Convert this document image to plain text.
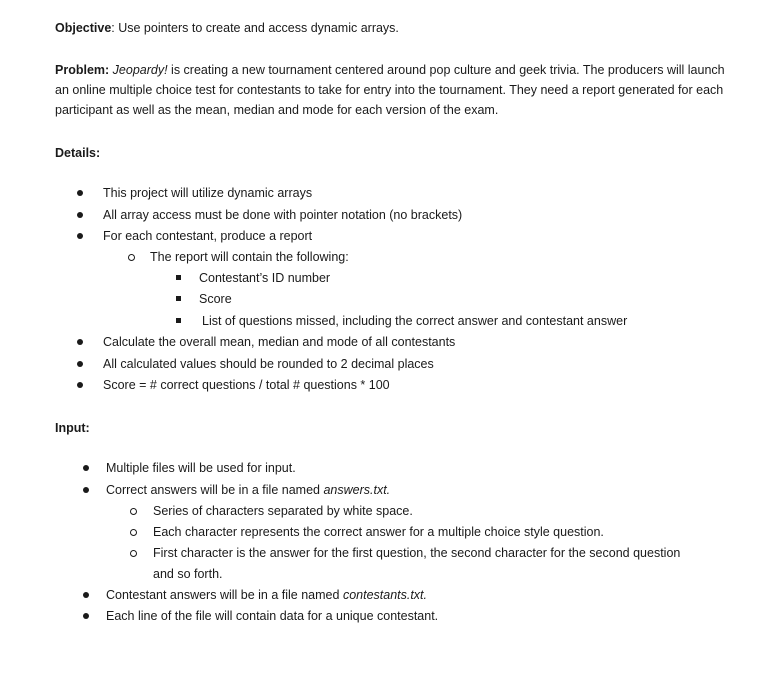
Objective: Use pointers to create and access dynamic arrays.
Problem: Jeopardy! is creating a new tournament centered around pop culture and geek trivia. The producers will launch an online multiple choice test for contestants to take for entry into the tournament. They need a report generated for each participant as well as the mean, median and mode for each version of the exam.
Details:
This project will utilize dynamic arrays
All array access must be done with pointer notation (no brackets)
For each contestant, produce a report
The report will contain the following:
Contestant’s ID number
Score
List of questions missed, including the correct answer and contestant answer
Calculate the overall mean, median and mode of all contestants
All calculated values should be rounded to 2 decimal places
Score = # correct questions / total # questions * 100
Input:
Multiple files will be used for input.
Correct answers will be in a file named answers.txt.
Series of characters separated by white space.
Each character represents the correct answer for a multiple choice style question.
First character is the answer for the first question, the second character for the second question
and so forth.
Contestant answers will be in a file named contestants.txt.
Each line of the file will contain data for a unique contestant.
